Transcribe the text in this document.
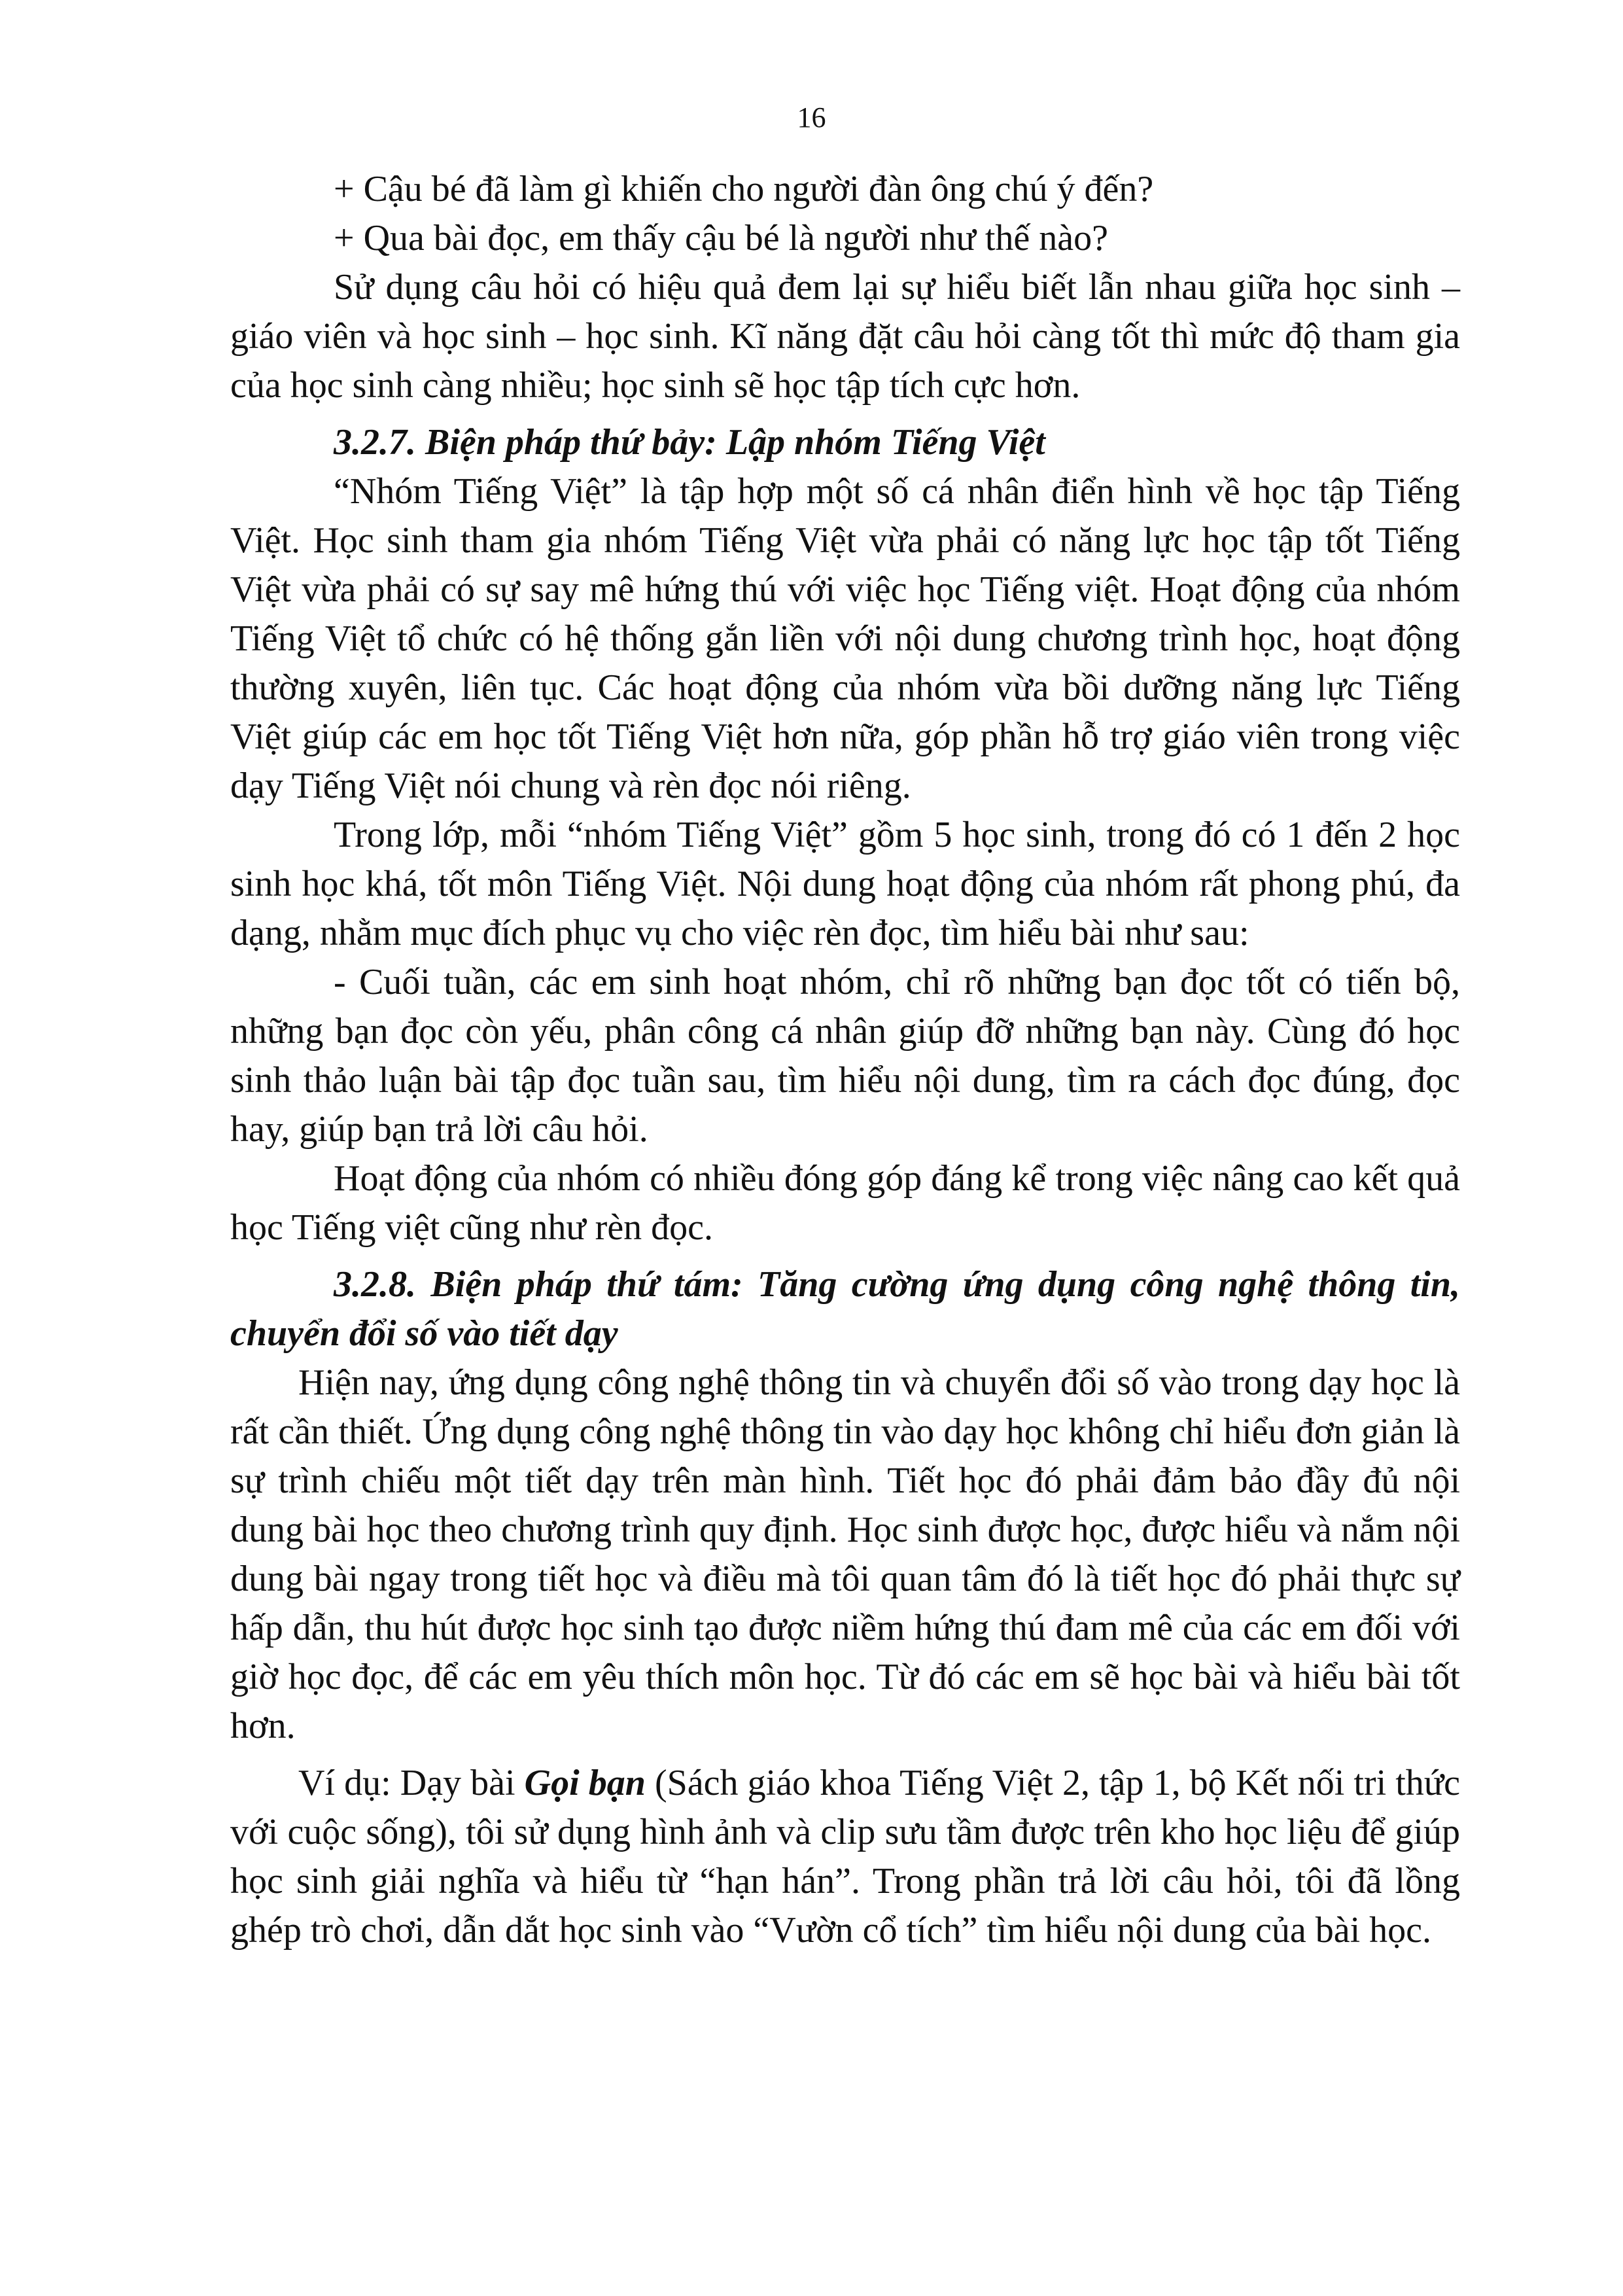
16

+ Cậu bé đã làm gì khiến cho người đàn ông chú ý đến?

+ Qua bài đọc, em thấy cậu bé là người như thế nào?

Sử dụng câu hỏi có hiệu quả đem lại sự hiểu biết lẫn nhau giữa học sinh – giáo viên và học sinh – học sinh. Kĩ năng đặt câu hỏi càng tốt thì mức độ tham gia của học sinh càng nhiều; học sinh sẽ học tập tích cực hơn.

3.2.7. Biện pháp thứ bảy: Lập nhóm Tiếng Việt

“Nhóm Tiếng Việt” là tập hợp một số cá nhân điển hình về học tập Tiếng Việt. Học sinh tham gia nhóm Tiếng Việt vừa phải có năng lực học tập tốt Tiếng Việt vừa phải có sự say mê hứng thú với việc học Tiếng việt. Hoạt động của nhóm Tiếng Việt tổ chức có hệ thống gắn liền với nội dung chương trình học, hoạt động thường xuyên, liên tục. Các hoạt động của nhóm vừa bồi dưỡng năng lực Tiếng Việt giúp các em học tốt Tiếng Việt hơn nữa, góp phần hỗ trợ giáo viên trong việc dạy Tiếng Việt nói chung và rèn đọc nói riêng.

Trong lớp, mỗi “nhóm Tiếng Việt” gồm 5 học sinh, trong đó có 1 đến 2 học sinh học khá, tốt môn Tiếng Việt. Nội dung hoạt động của nhóm rất phong phú, đa dạng, nhằm mục đích phục vụ cho việc rèn đọc, tìm hiểu bài như sau:

- Cuối tuần, các em sinh hoạt nhóm, chỉ rõ những bạn đọc tốt có tiến bộ, những bạn đọc còn yếu, phân công cá nhân giúp đỡ những bạn này. Cùng đó học sinh thảo luận bài tập đọc tuần sau, tìm hiểu nội dung, tìm ra cách đọc đúng, đọc hay, giúp bạn trả lời câu hỏi.

Hoạt động của nhóm có nhiều đóng góp đáng kể trong việc nâng cao kết quả học Tiếng việt cũng như rèn đọc.

3.2.8. Biện pháp thứ tám: Tăng cường ứng dụng công nghệ thông tin, chuyển đổi số vào tiết dạy

Hiện nay, ứng dụng công nghệ thông tin và chuyển đổi số vào trong dạy học là rất cần thiết. Ứng dụng công nghệ thông tin vào dạy học không chỉ hiểu đơn giản là sự trình chiếu một tiết dạy trên màn hình. Tiết học đó phải đảm bảo đầy đủ nội dung bài học theo chương trình quy định. Học sinh được học, được hiểu và nắm nội dung bài ngay trong tiết học và điều mà tôi quan tâm đó là tiết học đó phải thực sự hấp dẫn, thu hút được học sinh tạo được niềm hứng thú đam mê của các em đối với giờ học đọc, để các em yêu thích môn học. Từ đó các em sẽ học bài và hiểu bài tốt hơn.

Ví dụ: Dạy bài Gọi bạn (Sách giáo khoa Tiếng Việt 2, tập 1, bộ Kết nối tri thức với cuộc sống), tôi sử dụng hình ảnh và clip sưu tầm được trên kho học liệu để giúp học sinh giải nghĩa và hiểu từ “hạn hán”. Trong phần trả lời câu hỏi, tôi đã lồng ghép trò chơi, dẫn dắt học sinh vào “Vườn cổ tích” tìm hiểu nội dung của bài học.
